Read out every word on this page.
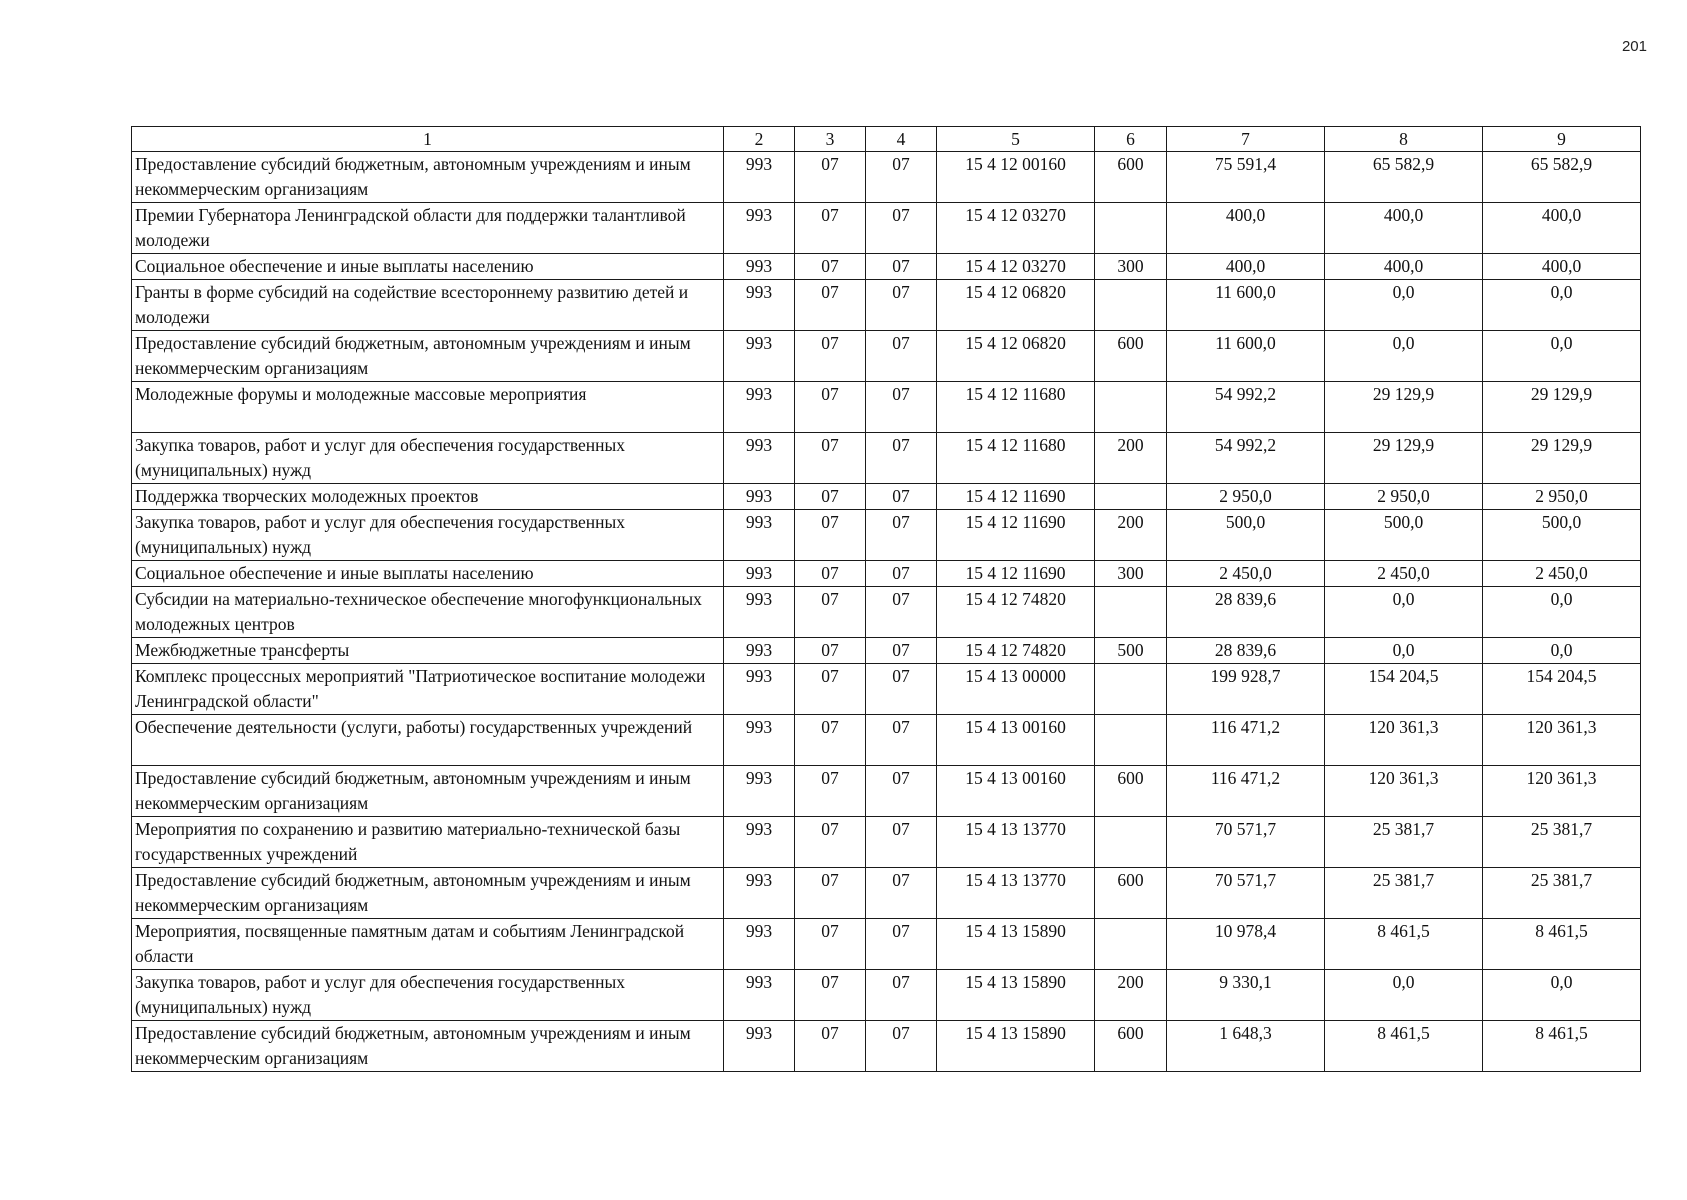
201
1	2	3	4	5	6	7	8	9
Предоставление субсидий бюджетным, автономным учреждениям и иным некоммерческим организациям	993	07	07	15 4 12 00160	600	75 591,4	65 582,9	65 582,9
Премии Губернатора Ленинградской области для поддержки талантливой молодежи	993	07	07	15 4 12 03270		400,0	400,0	400,0
Социальное обеспечение и иные выплаты населению	993	07	07	15 4 12 03270	300	400,0	400,0	400,0
Гранты в форме субсидий на содействие всестороннему развитию детей и молодежи	993	07	07	15 4 12 06820		11 600,0	0,0	0,0
Предоставление субсидий бюджетным, автономным учреждениям и иным некоммерческим организациям	993	07	07	15 4 12 06820	600	11 600,0	0,0	0,0
Молодежные форумы и молодежные массовые мероприятия	993	07	07	15 4 12 11680		54 992,2	29 129,9	29 129,9
Закупка товаров, работ и услуг для обеспечения государственных (муниципальных) нужд	993	07	07	15 4 12 11680	200	54 992,2	29 129,9	29 129,9
Поддержка творческих молодежных проектов	993	07	07	15 4 12 11690		2 950,0	2 950,0	2 950,0
Закупка товаров, работ и услуг для обеспечения государственных (муниципальных) нужд	993	07	07	15 4 12 11690	200	500,0	500,0	500,0
Социальное обеспечение и иные выплаты населению	993	07	07	15 4 12 11690	300	2 450,0	2 450,0	2 450,0
Субсидии на материально-техническое обеспечение многофункциональных молодежных центров	993	07	07	15 4 12 74820		28 839,6	0,0	0,0
Межбюджетные трансферты	993	07	07	15 4 12 74820	500	28 839,6	0,0	0,0
Комплекс процессных мероприятий "Патриотическое воспитание молодежи Ленинградской области"	993	07	07	15 4 13 00000		199 928,7	154 204,5	154 204,5
Обеспечение деятельности (услуги, работы) государственных учреждений	993	07	07	15 4 13 00160		116 471,2	120 361,3	120 361,3
Предоставление субсидий бюджетным, автономным учреждениям и иным некоммерческим организациям	993	07	07	15 4 13 00160	600	116 471,2	120 361,3	120 361,3
Мероприятия по сохранению и развитию материально-технической базы государственных учреждений	993	07	07	15 4 13 13770		70 571,7	25 381,7	25 381,7
Предоставление субсидий бюджетным, автономным учреждениям и иным некоммерческим организациям	993	07	07	15 4 13 13770	600	70 571,7	25 381,7	25 381,7
Мероприятия, посвященные памятным датам и событиям Ленинградской области	993	07	07	15 4 13 15890		10 978,4	8 461,5	8 461,5
Закупка товаров, работ и услуг для обеспечения государственных (муниципальных) нужд	993	07	07	15 4 13 15890	200	9 330,1	0,0	0,0
Предоставление субсидий бюджетным, автономным учреждениям и иным некоммерческим организациям	993	07	07	15 4 13 15890	600	1 648,3	8 461,5	8 461,5
